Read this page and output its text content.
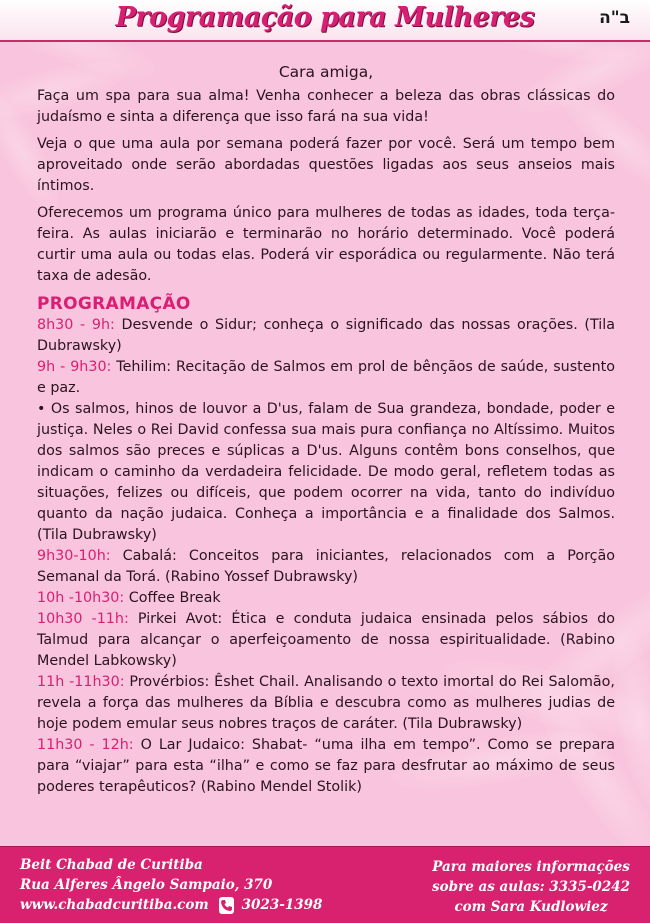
Programação para Mulheres	ב"ה
Cara amiga,

Faça um spa para sua alma! Venha conhecer a beleza das obras clássicas do judaísmo e sinta a diferença que isso fará na sua vida!

Veja o que uma aula por semana poderá fazer por você. Será um tempo bem aproveitado onde serão abordadas questões ligadas aos seus anseios mais íntimos.

Oferecemos um programa único para mulheres de todas as idades, toda terça-feira. As aulas iniciarão e terminarão no horário determinado. Você poderá curtir uma aula ou todas elas. Poderá vir esporádica ou regularmente. Não terá taxa de adesão.

PROGRAMAÇÃO

8h30 - 9h: Desvende o Sidur; conheça o significado das nossas orações. (Tila Dubrawsky)

9h - 9h30: Tehilim: Recitação de Salmos em prol de bênçãos de saúde, sustento e paz.

• Os salmos, hinos de louvor a D'us, falam de Sua grandeza, bondade, poder e justiça. Neles o Rei David confessa sua mais pura confiança no Altíssimo. Muitos dos salmos são preces e súplicas a D'us. Alguns contêm bons conselhos, que indicam o caminho da verdadeira felicidade. De modo geral, refletem todas as situações, felizes ou difíceis, que podem ocorrer na vida, tanto do indivíduo quanto da nação judaica. Conheça a importância e a finalidade dos Salmos. (Tila Dubrawsky)

9h30-10h: Cabalá: Conceitos para iniciantes, relacionados com a Porção Semanal da Torá. (Rabino Yossef Dubrawsky)

10h -10h30: Coffee Break

10h30 -11h: Pirkei Avot: Ética e conduta judaica ensinada pelos sábios do Talmud para alcançar o aperfeiçoamento de nossa espiritualidade. (Rabino Mendel Labkowsky)

11h -11h30: Provérbios: Êshet Chail. Analisando o texto imortal do Rei Salomão, revela a força das mulheres da Bíblia e descubra como as mulheres judias de hoje podem emular seus nobres traços de caráter. (Tila Dubrawsky)

11h30 - 12h: O Lar Judaico: Shabat- “uma ilha em tempo”. Como se prepara para “viajar” para esta “ilha” e como se faz para desfrutar ao máximo de seus poderes terapêuticos? (Rabino Mendel Stolik)

Beit Chabad de Curitiba
Rua Alferes Ângelo Sampaio, 370
www.chabadcuritiba.com 3023-1398
Para maiores informações
sobre as aulas: 3335-0242
com Sara Kudlowiez
